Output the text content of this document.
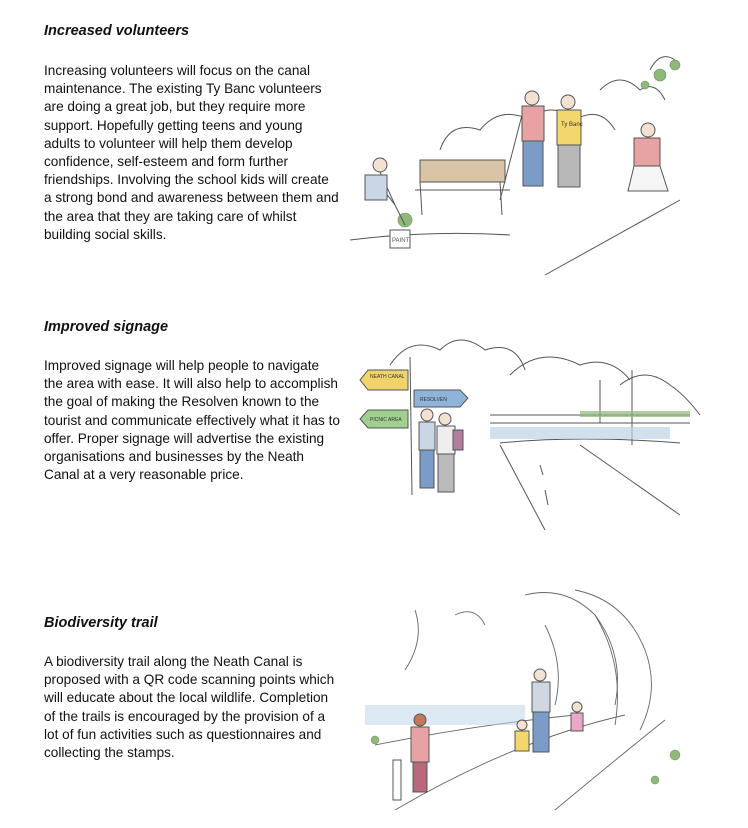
Increased volunteers

Increasing volunteers will focus on the canal maintenance. The existing Ty Banc volunteers are doing a great job, but they require more support. Hopefully getting teens and young adults to volunteer will help them develop confidence, self-esteem and form further friendships. Involving the school kids will create a strong bond and awareness between them and the area that they are taking care of whilst building social skills.	PAINT
Ty Banc
Improved signage

Improved signage will help people to navigate the area with ease. It will also help to accomplish the goal of making the Resolven known to the tourist and communicate effectively what it has to offer. Proper signage will advertise the existing organisations and businesses by the Neath Canal at a very reasonable price.

NEATH CANAL
RESOLVEN
PICNIC AREA
Biodiversity trail

A biodiversity trail along the Neath Canal is proposed with a QR code scanning points which will educate about the local wildlife. Completion of the trails is encouraged by the provision of a lot of fun activities such as questionnaires and collecting the stamps.
